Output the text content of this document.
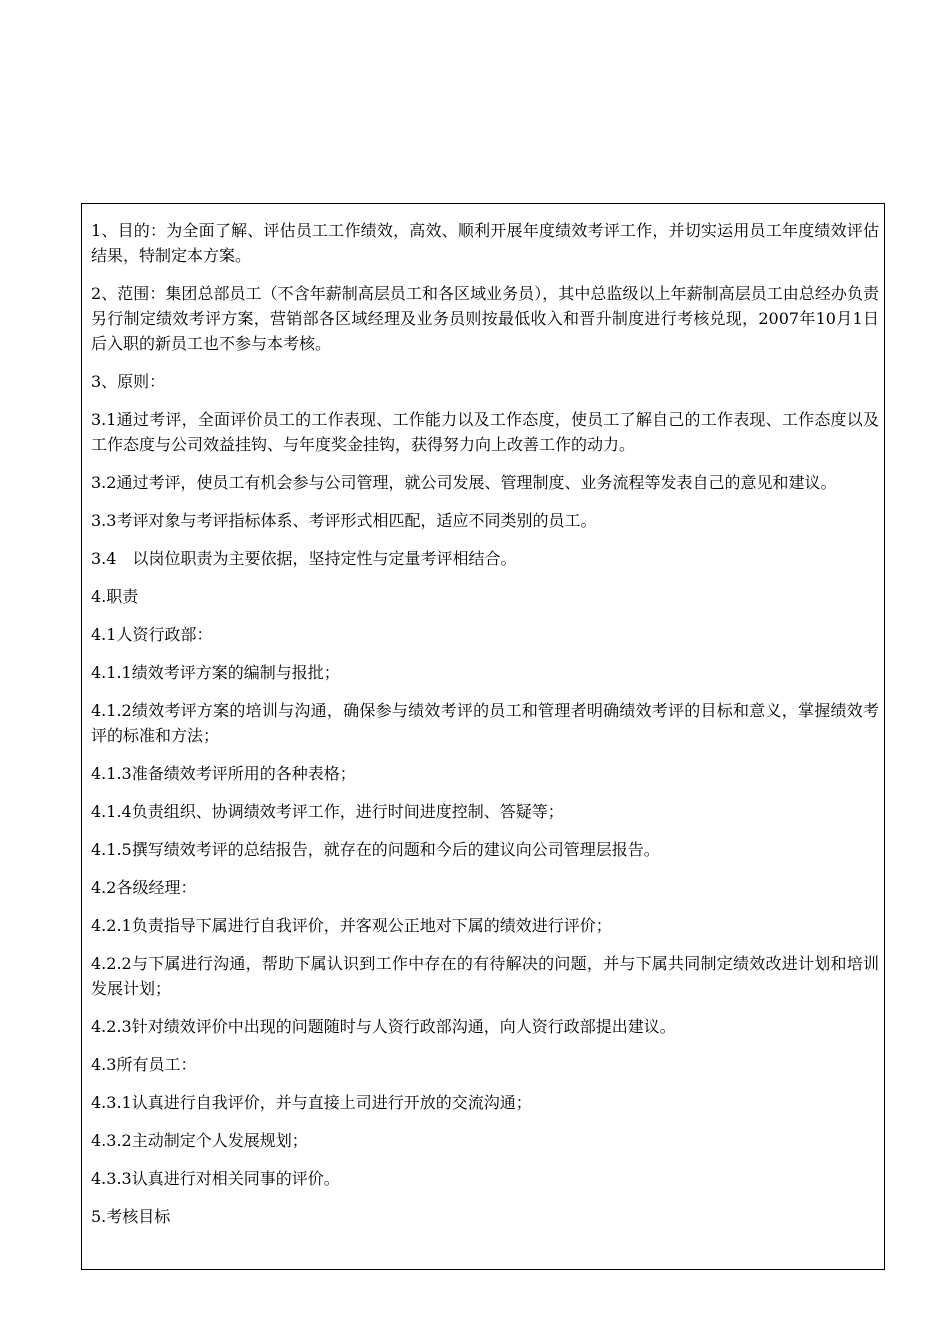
1、目的：为全面了解、评估员工工作绩效，高效、顺利开展年度绩效考评工作，并切实运用员工年度绩效评估结果，特制定本方案。

2、范围：集团总部员工（不含年薪制高层员工和各区域业务员），其中总监级以上年薪制高层员工由总经办负责另行制定绩效考评方案，营销部各区域经理及业务员则按最低收入和晋升制度进行考核兑现，2007年10月1日后入职的新员工也不参与本考核。

3、原则：

3.1通过考评，全面评价员工的工作表现、工作能力以及工作态度，使员工了解自己的工作表现、工作态度以及工作态度与公司效益挂钩、与年度奖金挂钩，获得努力向上改善工作的动力。

3.2通过考评，使员工有机会参与公司管理，就公司发展、管理制度、业务流程等发表自己的意见和建议。

3.3考评对象与考评指标体系、考评形式相匹配，适应不同类别的员工。

3.4　以岗位职责为主要依据，坚持定性与定量考评相结合。

4.职责

4.1人资行政部：

4.1.1绩效考评方案的编制与报批；

4.1.2绩效考评方案的培训与沟通，确保参与绩效考评的员工和管理者明确绩效考评的目标和意义，掌握绩效考评的标准和方法；

4.1.3准备绩效考评所用的各种表格；

4.1.4负责组织、协调绩效考评工作，进行时间进度控制、答疑等；

4.1.5撰写绩效考评的总结报告，就存在的问题和今后的建议向公司管理层报告。

4.2各级经理：

4.2.1负责指导下属进行自我评价，并客观公正地对下属的绩效进行评价；

4.2.2与下属进行沟通，帮助下属认识到工作中存在的有待解决的问题，并与下属共同制定绩效改进计划和培训发展计划；

4.2.3针对绩效评价中出现的问题随时与人资行政部沟通，向人资行政部提出建议。

4.3所有员工：

4.3.1认真进行自我评价，并与直接上司进行开放的交流沟通；

4.3.2主动制定个人发展规划；

4.3.3认真进行对相关同事的评价。

5.考核目标
